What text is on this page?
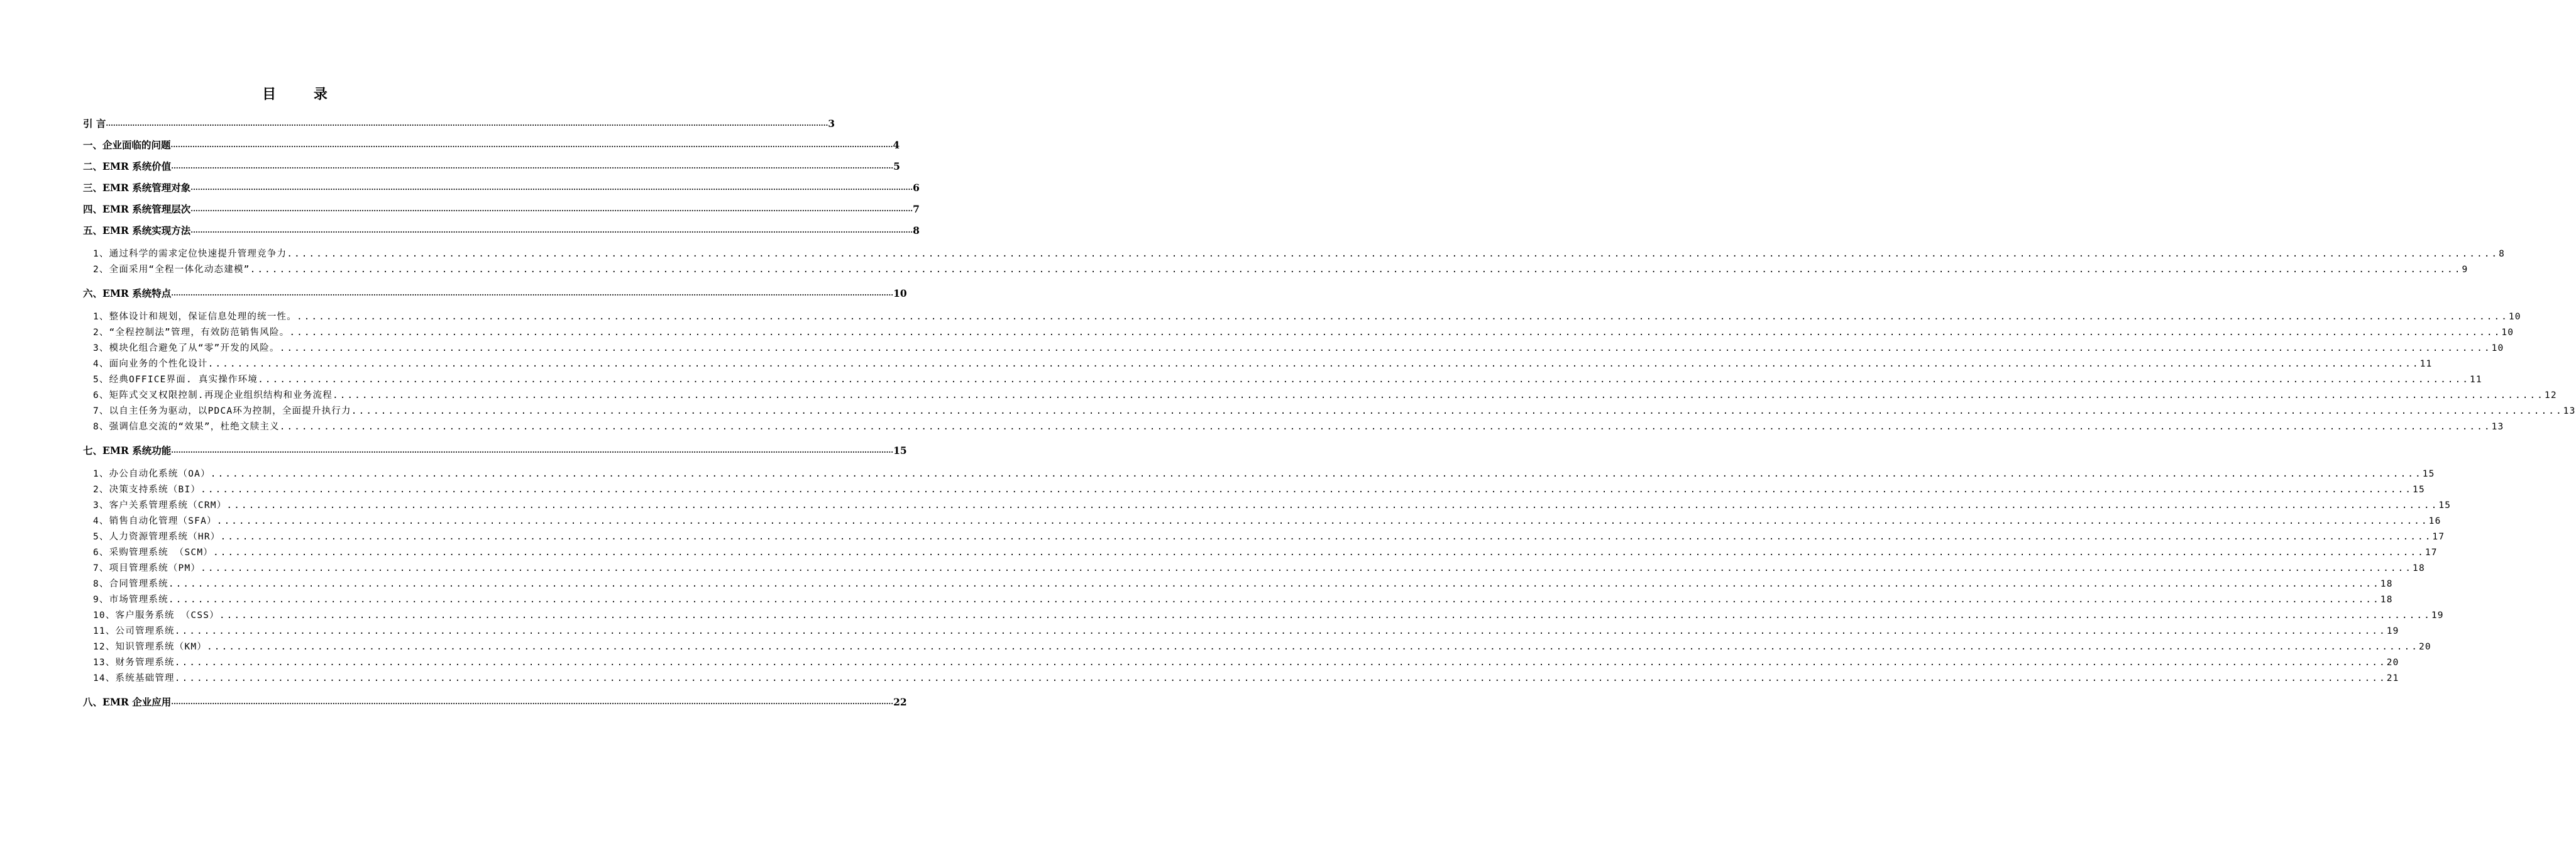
目 录
引 言 ............................................................................................................................................................................................................................................................................................................ 3
一、企业面临的问题 ............................................................................................................................................................................................................................................................................................................ 4
二、EMR 系统价值 ............................................................................................................................................................................................................................................................................................................ 5
三、EMR 系统管理对象 ............................................................................................................................................................................................................................................................................................................ 6
四、EMR 系统管理层次 ............................................................................................................................................................................................................................................................................................................ 7
五、EMR 系统实现方法 ............................................................................................................................................................................................................................................................................................................ 8
1、通过科学的需求定位快速提升管理竞争力 ............................................................................................................................................................................................................................................................................................................ 8
2、全面采用“全程一体化动态建模” ............................................................................................................................................................................................................................................................................................................ 9
六、EMR 系统特点 ............................................................................................................................................................................................................................................................................................................ 10
1、整体设计和规划，保证信息处理的统一性。 ............................................................................................................................................................................................................................................................................................................ 10
2、“全程控制法”管理，有效防范销售风险。 ............................................................................................................................................................................................................................................................................................................ 10
3、模块化组合避免了从“零”开发的风险。 ............................................................................................................................................................................................................................................................................................................ 10
4、面向业务的个性化设计 ............................................................................................................................................................................................................................................................................................................ 11
5、经典OFFICE界面. 真实操作环境 ............................................................................................................................................................................................................................................................................................................ 11
6、矩阵式交叉权限控制.再现企业组织结构和业务流程 ............................................................................................................................................................................................................................................................................................................ 12
7、以自主任务为驱动，以PDCA环为控制，全面提升执行力 ............................................................................................................................................................................................................................................................................................................ 13
8、强调信息交流的“效果”，杜绝文牍主义 ............................................................................................................................................................................................................................................................................................................ 13
七、EMR 系统功能 ............................................................................................................................................................................................................................................................................................................ 15
1、办公自动化系统（OA） ............................................................................................................................................................................................................................................................................................................ 15
2、决策支持系统（BI） ............................................................................................................................................................................................................................................................................................................ 15
3、客户关系管理系统（CRM） ............................................................................................................................................................................................................................................................................................................ 15
4、销售自动化管理（SFA） ............................................................................................................................................................................................................................................................................................................ 16
5、人力资源管理系统（HR） ............................................................................................................................................................................................................................................................................................................ 17
6、采购管理系统 （SCM） ............................................................................................................................................................................................................................................................................................................ 17
7、项目管理系统（PM） ............................................................................................................................................................................................................................................................................................................ 18
8、合同管理系统 ............................................................................................................................................................................................................................................................................................................ 18
9、市场管理系统 ............................................................................................................................................................................................................................................................................................................ 18
10、客户服务系统 （CSS） ............................................................................................................................................................................................................................................................................................................ 19
11、公司管理系统 ............................................................................................................................................................................................................................................................................................................ 19
12、知识管理系统（KM） ............................................................................................................................................................................................................................................................................................................ 20
13、财务管理系统 ............................................................................................................................................................................................................................................................................................................ 20
14、系统基础管理 ............................................................................................................................................................................................................................................................................................................ 21
八、EMR 企业应用 ............................................................................................................................................................................................................................................................................................................ 22
